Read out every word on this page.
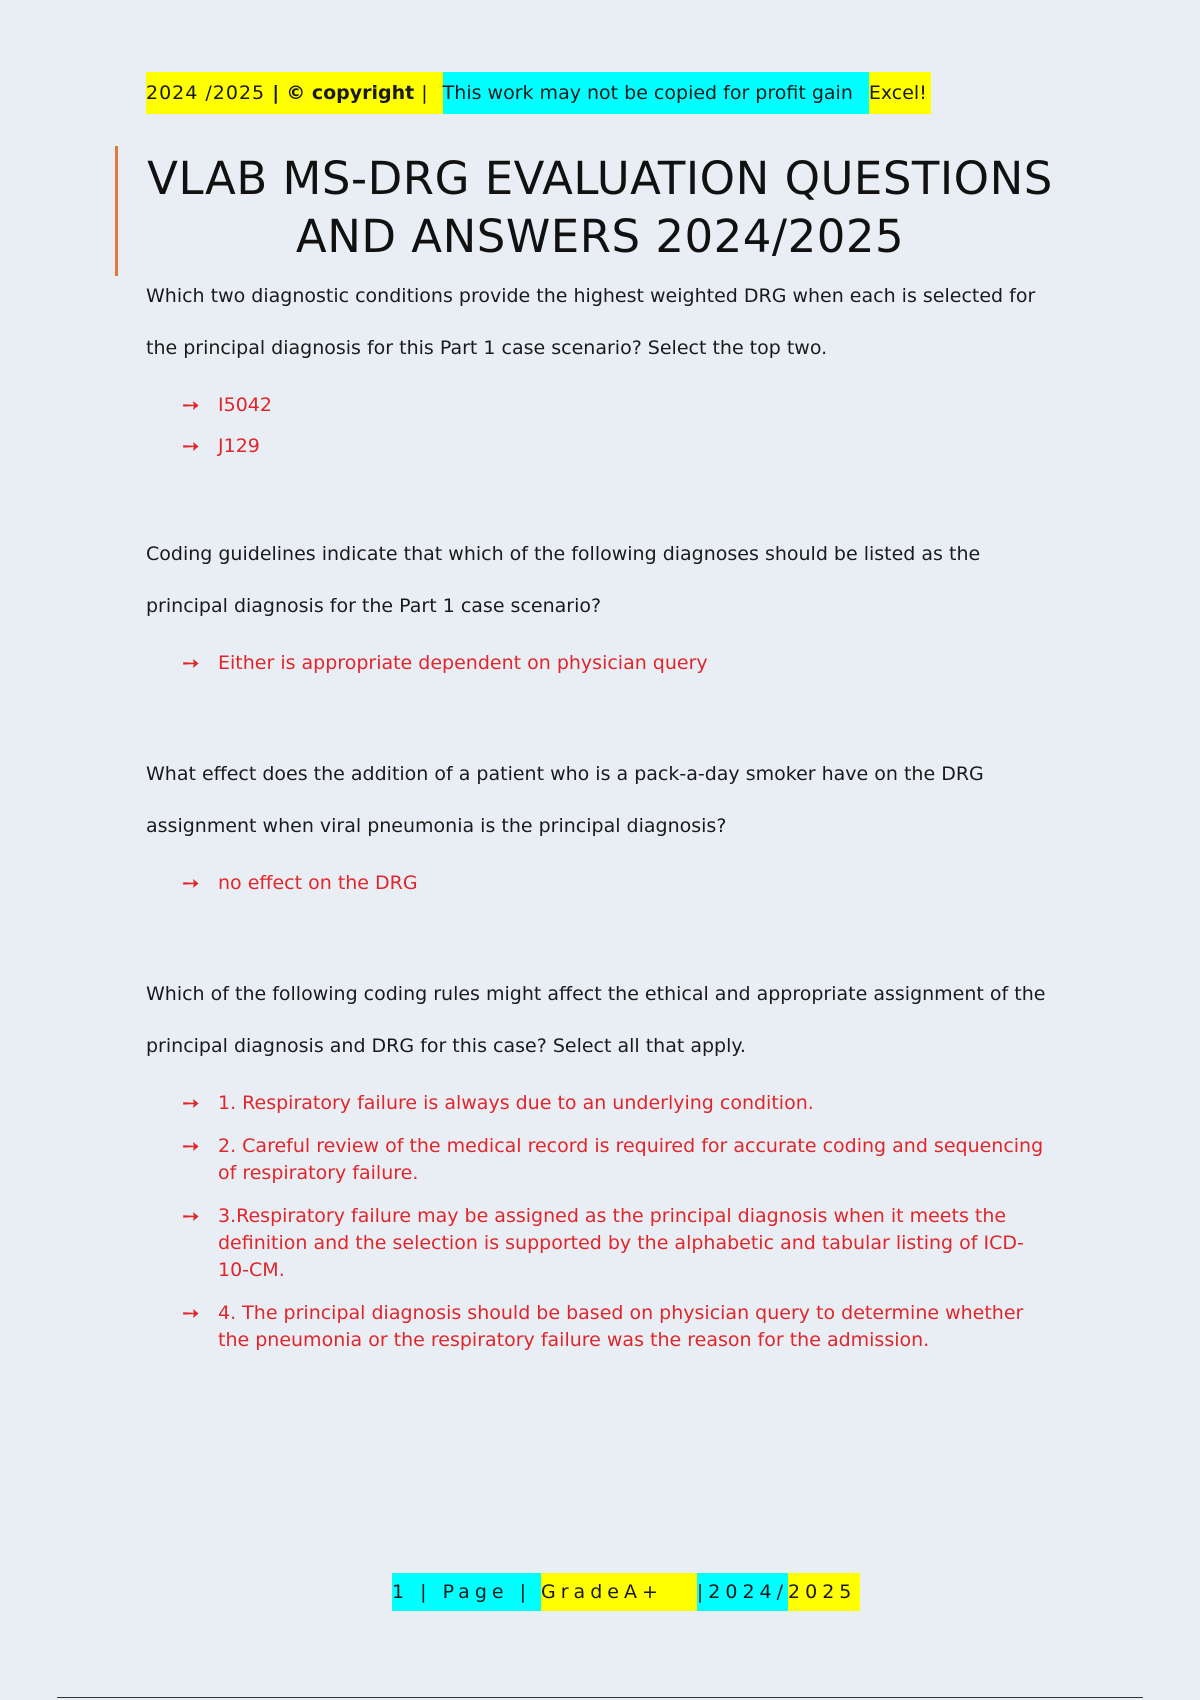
2024 /2025 | © copyright | This work may not be copied for profit gain Excel!
VLAB MS-DRG EVALUATION QUESTIONS AND ANSWERS 2024/2025

Which two diagnostic conditions provide the highest weighted DRG when each is selected for the principal diagnosis for this Part 1 case scenario? Select the top two.

➙ I5042
➙ J129

Coding guidelines indicate that which of the following diagnoses should be listed as the principal diagnosis for the Part 1 case scenario?

➙ Either is appropriate dependent on physician query

What effect does the addition of a patient who is a pack-a-day smoker have on the DRG assignment when viral pneumonia is the principal diagnosis?

➙ no effect on the DRG

Which of the following coding rules might affect the ethical and appropriate assignment of the principal diagnosis and DRG for this case? Select all that apply.

➙ 1. Respiratory failure is always due to an underlying condition.
➙ 2. Careful review of the medical record is required for accurate coding and sequencing of respiratory failure.
➙ 3.Respiratory failure may be assigned as the principal diagnosis when it meets the definition and the selection is supported by the alphabetic and tabular listing of ICD-10-CM.
➙ 4. The principal diagnosis should be based on physician query to determine whether the pneumonia or the respiratory failure was the reason for the admission.
1 | Page | GradeA+	|2024/ 2025
